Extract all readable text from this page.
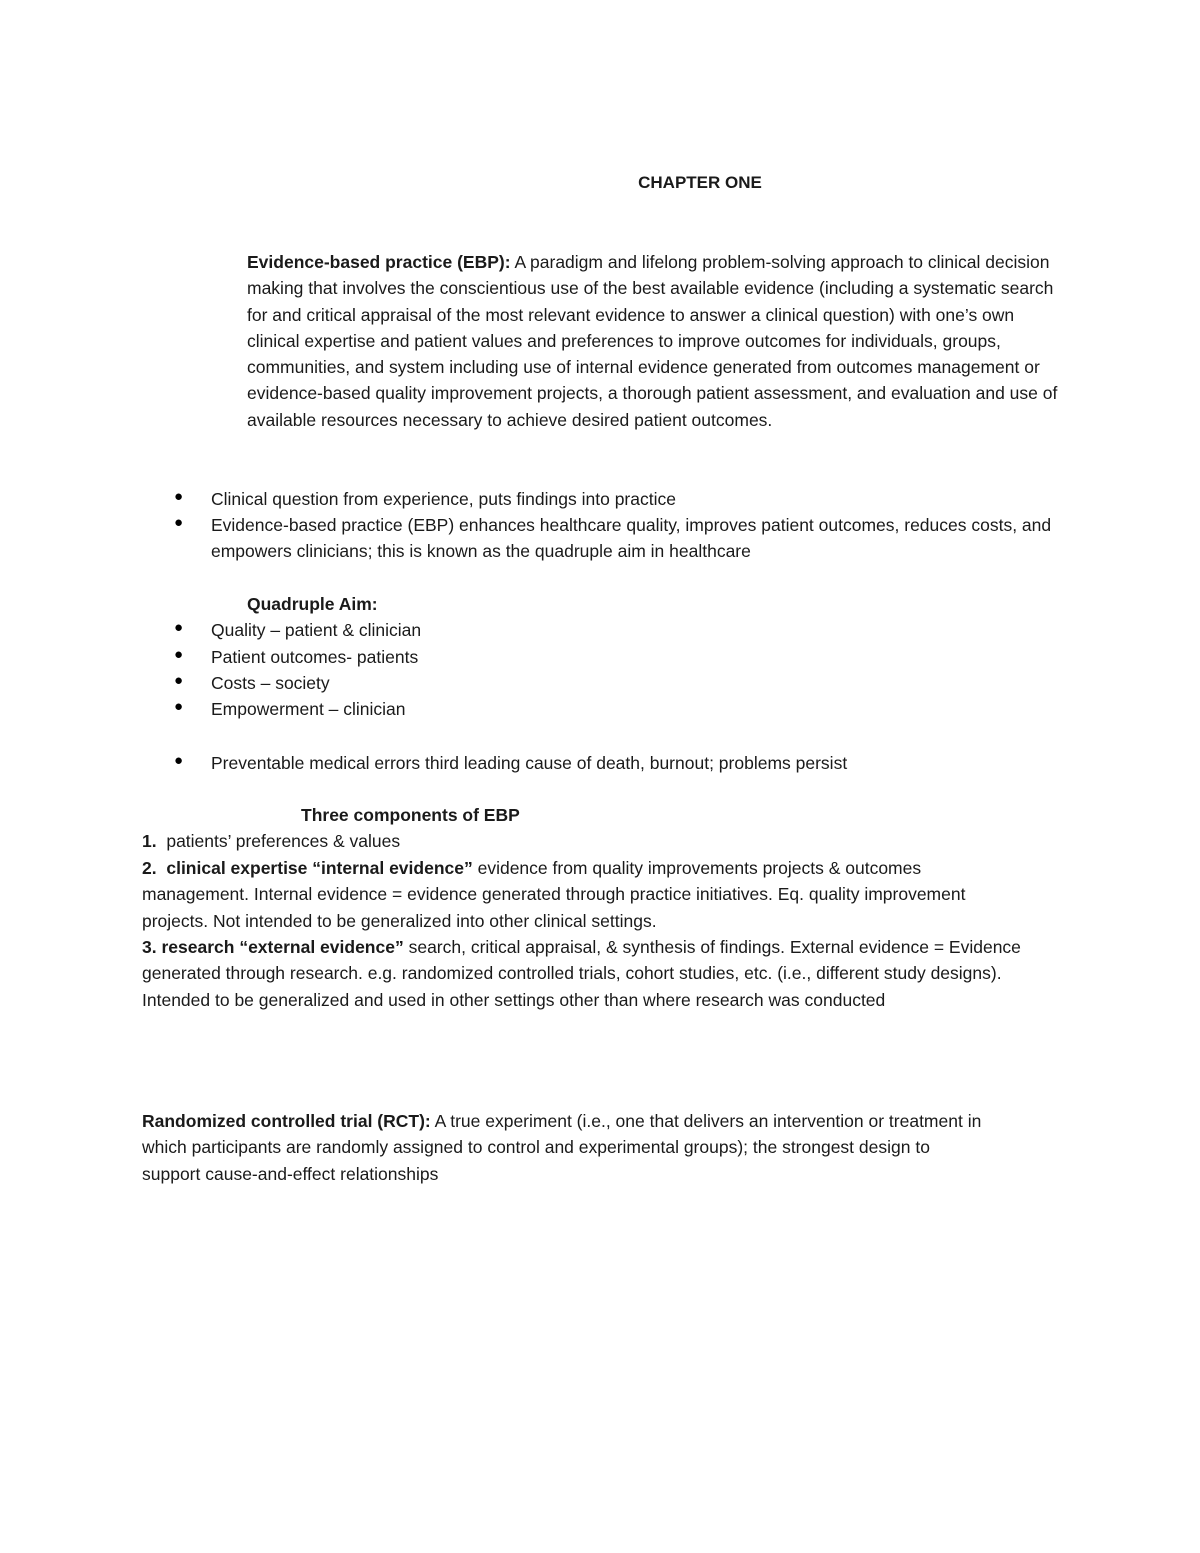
CHAPTER ONE
Evidence-based practice (EBP): A paradigm and lifelong problem-solving approach to clinical decision making that involves the conscientious use of the best available evidence (including a systematic search for and critical appraisal of the most relevant evidence to answer a clinical question) with one’s own clinical expertise and patient values and preferences to improve outcomes for individuals, groups, communities, and system including use of internal evidence generated from outcomes management or evidence-based quality improvement projects, a thorough patient assessment, and evaluation and use of available resources necessary to achieve desired patient outcomes.
● Clinical question from experience, puts findings into practice
● Evidence-based practice (EBP) enhances healthcare quality, improves patient outcomes, reduces costs, and empowers clinicians; this is known as the quadruple aim in healthcare
Quadruple Aim:
● Quality – patient & clinician
● Patient outcomes- patients
● Costs – society
● Empowerment – clinician
● Preventable medical errors third leading cause of death, burnout; problems persist
Three components of EBP
1. patients’ preferences & values
2. clinical expertise “internal evidence” evidence from quality improvements projects & outcomes management. Internal evidence = evidence generated through practice initiatives. Eq. quality improvement projects. Not intended to be generalized into other clinical settings.
3. research “external evidence” search, critical appraisal, & synthesis of findings. External evidence = Evidence generated through research. e.g. randomized controlled trials, cohort studies, etc. (i.e., different study designs). Intended to be generalized and used in other settings other than where research was conducted
Randomized controlled trial (RCT): A true experiment (i.e., one that delivers an intervention or treatment in which participants are randomly assigned to control and experimental groups); the strongest design to support cause-and-effect relationships
